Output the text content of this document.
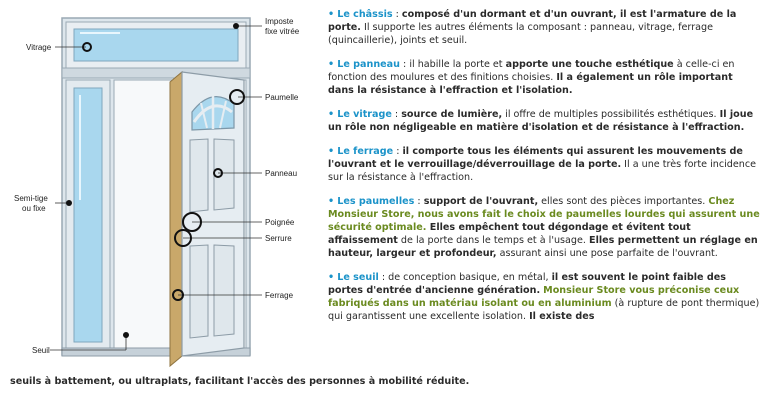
Imposte
fixe vitrée
Vitrage
Paumelle
Panneau
Semi-tige
ou fixe
Poignée
Serrure
Ferrage
Seuil

• Le châssis : composé d'un dormant et d'un ouvrant, il est l'armature de la porte. Il supporte les autres éléments la composant : panneau, vitrage, ferrage (quincaillerie), joints et seuil.

• Le panneau : il habille la porte et apporte une touche esthétique à celle-ci en fonction des moulures et des finitions choisies. Il a également un rôle important dans la résistance à l'effraction et l'isolation.

• Le vitrage : source de lumière, il offre de multiples possibilités esthétiques. Il joue un rôle non négligeable en matière d'isolation et de résistance à l'effraction.

• Le ferrage : il comporte tous les éléments qui assurent les mouvements de l'ouvrant et le verrouillage/déverrouillage de la porte. Il a une très forte incidence sur la résistance à l'effraction.

• Les paumelles : support de l'ouvrant, elles sont des pièces importantes. Chez Monsieur Store, nous avons fait le choix de paumelles lourdes qui assurent une sécurité optimale. Elles empêchent tout dégondage et évitent tout affaissement de la porte dans le temps et à l'usage. Elles permettent un réglage en hauteur, largeur et profondeur, assurant ainsi une pose parfaite de l'ouvrant.

• Le seuil : de conception basique, en métal, il est souvent le point faible des portes d'entrée d'ancienne génération. Monsieur Store vous préconise ceux fabriqués dans un matériau isolant ou en aluminium (à rupture de pont thermique) qui garantissent une excellente isolation. Il existe des

seuils à battement, ou ultraplats, facilitant l'accès des personnes à mobilité réduite.
